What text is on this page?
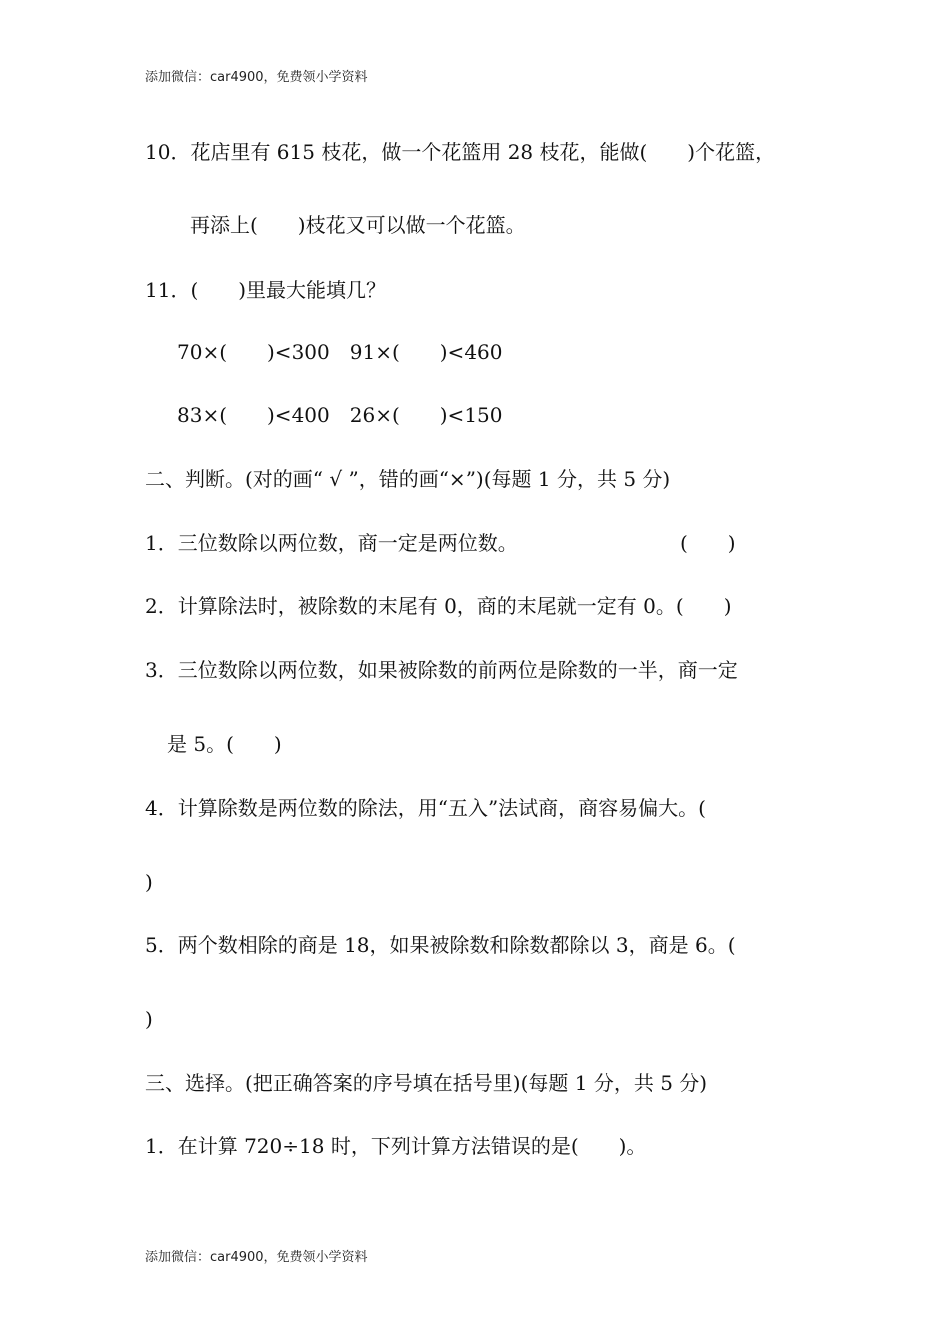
添加微信：car4900，免费领小学资料
10．花店里有 615 枝花，做一个花篮用 28 枝花，能做(　　)个花篮，
再添上(　　)枝花又可以做一个花篮。
11．(　　)里最大能填几？
70×(　　)<300　91×(　　)<460
83×(　　)<400　26×(　　)<150
二、判断。(对的画“ √ ”，错的画“×”)(每题 1 分，共 5 分)
1．三位数除以两位数，商一定是两位数。	(　　)
2．计算除法时，被除数的末尾有 0，商的末尾就一定有 0。(　　)
3．三位数除以两位数，如果被除数的前两位是除数的一半，商一定
是 5。(　　)
4．计算除数是两位数的除法，用“五入”法试商，商容易偏大。(
)
5．两个数相除的商是 18，如果被除数和除数都除以 3，商是 6。(
)
三、选择。(把正确答案的序号填在括号里)(每题 1 分，共 5 分)
1．在计算 720÷18 时，下列计算方法错误的是(　　)。
添加微信：car4900，免费领小学资料
